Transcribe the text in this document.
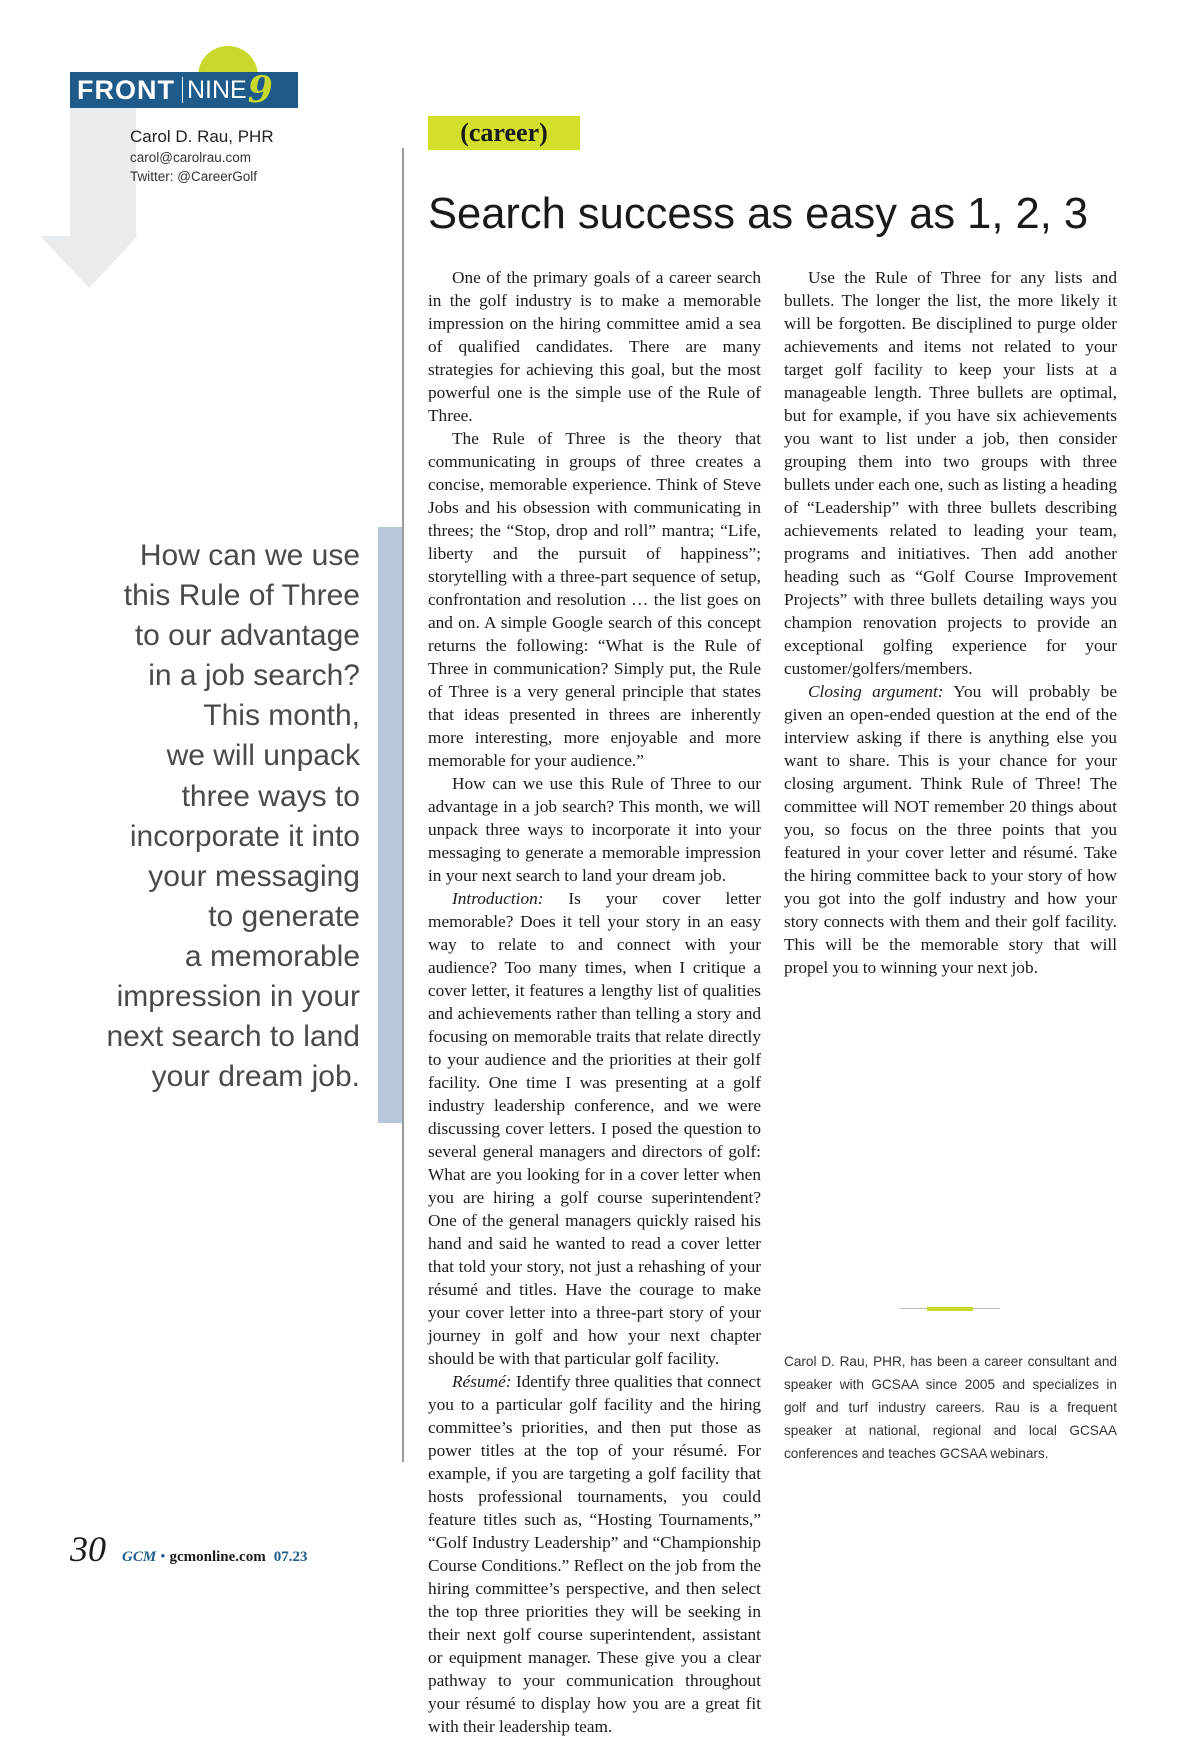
FRONT NINE 9
Carol D. Rau, PHR
carol@carolrau.com
Twitter: @CareerGolf
How can we use
this Rule of Three
to our advantage
in a job search?
This month,
we will unpack
three ways to
incorporate it into
your messaging
to generate
a memorable
impression in your
next search to land
your dream job.
(career)
Search success as easy as 1, 2, 3

One of the primary goals of a career search in the golf industry is to make a memorable impression on the hiring committee amid a sea of qualified candidates. There are many strategies for achieving this goal, but the most powerful one is the simple use of the Rule of Three.

The Rule of Three is the theory that communicating in groups of three creates a concise, memorable experience. Think of Steve Jobs and his obsession with communicating in threes; the “Stop, drop and roll” mantra; “Life, liberty and the pursuit of happiness”; storytelling with a three-part sequence of setup, confrontation and resolution … the list goes on and on. A simple Google search of this concept returns the following: “What is the Rule of Three in communication? Simply put, the Rule of Three is a very general principle that states that ideas presented in threes are inherently more interesting, more enjoyable and more memorable for your audience.”

How can we use this Rule of Three to our advantage in a job search? This month, we will unpack three ways to incorporate it into your messaging to generate a memorable impression in your next search to land your dream job.

Introduction: Is your cover letter memorable? Does it tell your story in an easy way to relate to and connect with your audience? Too many times, when I critique a cover letter, it features a lengthy list of qualities and achievements rather than telling a story and focusing on memorable traits that relate directly to your audience and the priorities at their golf facility. One time I was presenting at a golf industry leadership conference, and we were discussing cover letters. I posed the question to several general managers and directors of golf: What are you looking for in a cover letter when you are hiring a golf course superintendent? One of the general managers quickly raised his hand and said he wanted to read a cover letter that told your story, not just a rehashing of your résumé and titles. Have the courage to make your cover letter into a three-part story of your journey in golf and how your next chapter should be with that particular golf facility.

Résumé: Identify three qualities that connect you to a particular golf facility and the hiring committee’s priorities, and then put those as power titles at the top of your résumé. For example, if you are targeting a golf facility that hosts professional tournaments, you could feature titles such as, “Hosting Tournaments,” “Golf Industry Leadership” and “Championship Course Conditions.” Reflect on the job from the hiring committee’s perspective, and then select the top three priorities they will be seeking in their next golf course superintendent, assistant or equipment manager. These give you a clear pathway to your communication throughout your résumé to display how you are a great fit with their leadership team.

Use the Rule of Three for any lists and bullets. The longer the list, the more likely it will be forgotten. Be disciplined to purge older achievements and items not related to your target golf facility to keep your lists at a manageable length. Three bullets are optimal, but for example, if you have six achievements you want to list under a job, then consider grouping them into two groups with three bullets under each one, such as listing a heading of “Leadership” with three bullets describing achievements related to leading your team, programs and initiatives. Then add another heading such as “Golf Course Improvement Projects” with three bullets detailing ways you champion renovation projects to provide an exceptional golfing experience for your customer/golfers/members.

Closing argument: You will probably be given an open-ended question at the end of the interview asking if there is anything else you want to share. This is your chance for your closing argument. Think Rule of Three! The committee will NOT remember 20 things about you, so focus on the three points that you featured in your cover letter and résumé. Take the hiring committee back to your story of how you got into the golf industry and how your story connects with them and their golf facility. This will be the memorable story that will propel you to winning your next job.

Carol D. Rau, PHR, has been a career consultant and speaker with GCSAA since 2005 and specializes in golf and turf industry careers. Rau is a frequent speaker at national, regional and local GCSAA conferences and teaches GCSAA webinars.
30 GCM • gcmonline.com 07.23
